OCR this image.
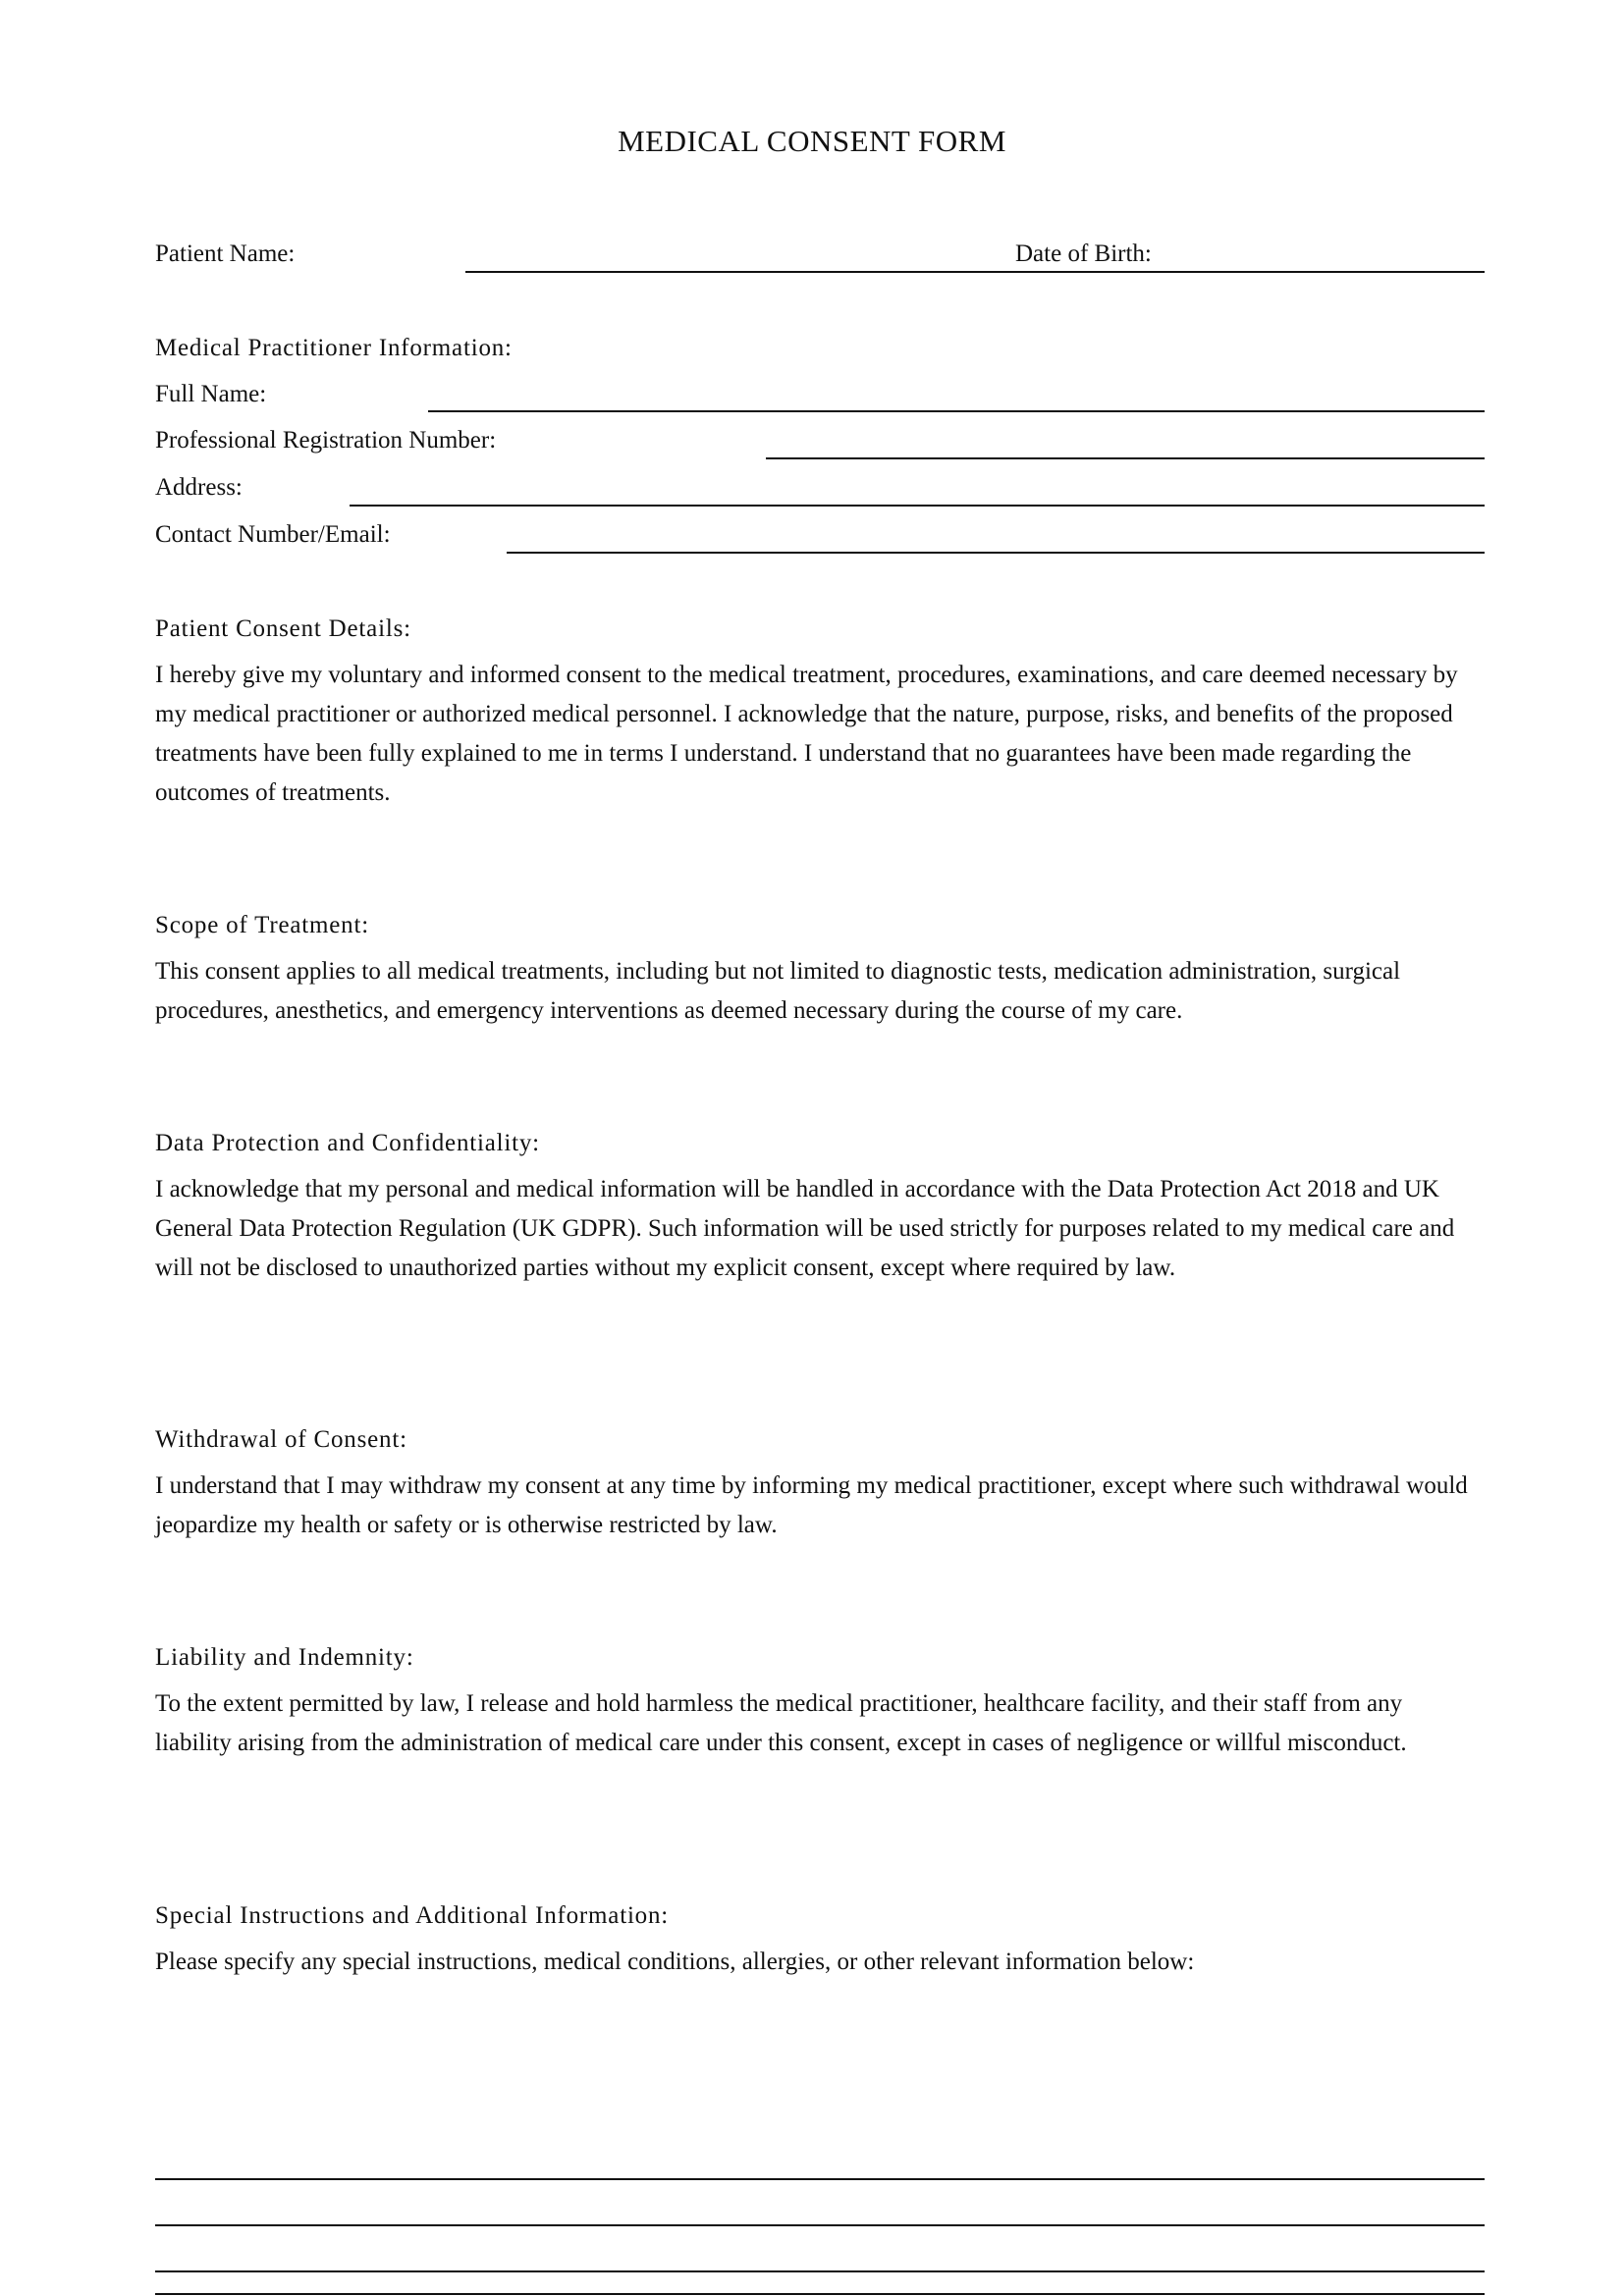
MEDICAL CONSENT FORM
Patient Name:	Date of Birth:
Medical Practitioner Information:
Full Name:
Professional Registration Number:
Address:
Contact Number/Email:
Patient Consent Details:
I hereby give my voluntary and informed consent to the medical treatment, procedures, examinations, and care deemed necessary by my medical practitioner or authorized medical personnel. I acknowledge that the nature, purpose, risks, and benefits of the proposed treatments have been fully explained to me in terms I understand. I understand that no guarantees have been made regarding the outcomes of treatments.
Scope of Treatment:
This consent applies to all medical treatments, including but not limited to diagnostic tests, medication administration, surgical procedures, anesthetics, and emergency interventions as deemed necessary during the course of my care.
Data Protection and Confidentiality:
I acknowledge that my personal and medical information will be handled in accordance with the Data Protection Act 2018 and UK General Data Protection Regulation (UK GDPR). Such information will be used strictly for purposes related to my medical care and will not be disclosed to unauthorized parties without my explicit consent, except where required by law.
Withdrawal of Consent:
I understand that I may withdraw my consent at any time by informing my medical practitioner, except where such withdrawal would jeopardize my health or safety or is otherwise restricted by law.
Liability and Indemnity:
To the extent permitted by law, I release and hold harmless the medical practitioner, healthcare facility, and their staff from any liability arising from the administration of medical care under this consent, except in cases of negligence or willful misconduct.
Special Instructions and Additional Information:
Please specify any special instructions, medical conditions, allergies, or other relevant information below:
